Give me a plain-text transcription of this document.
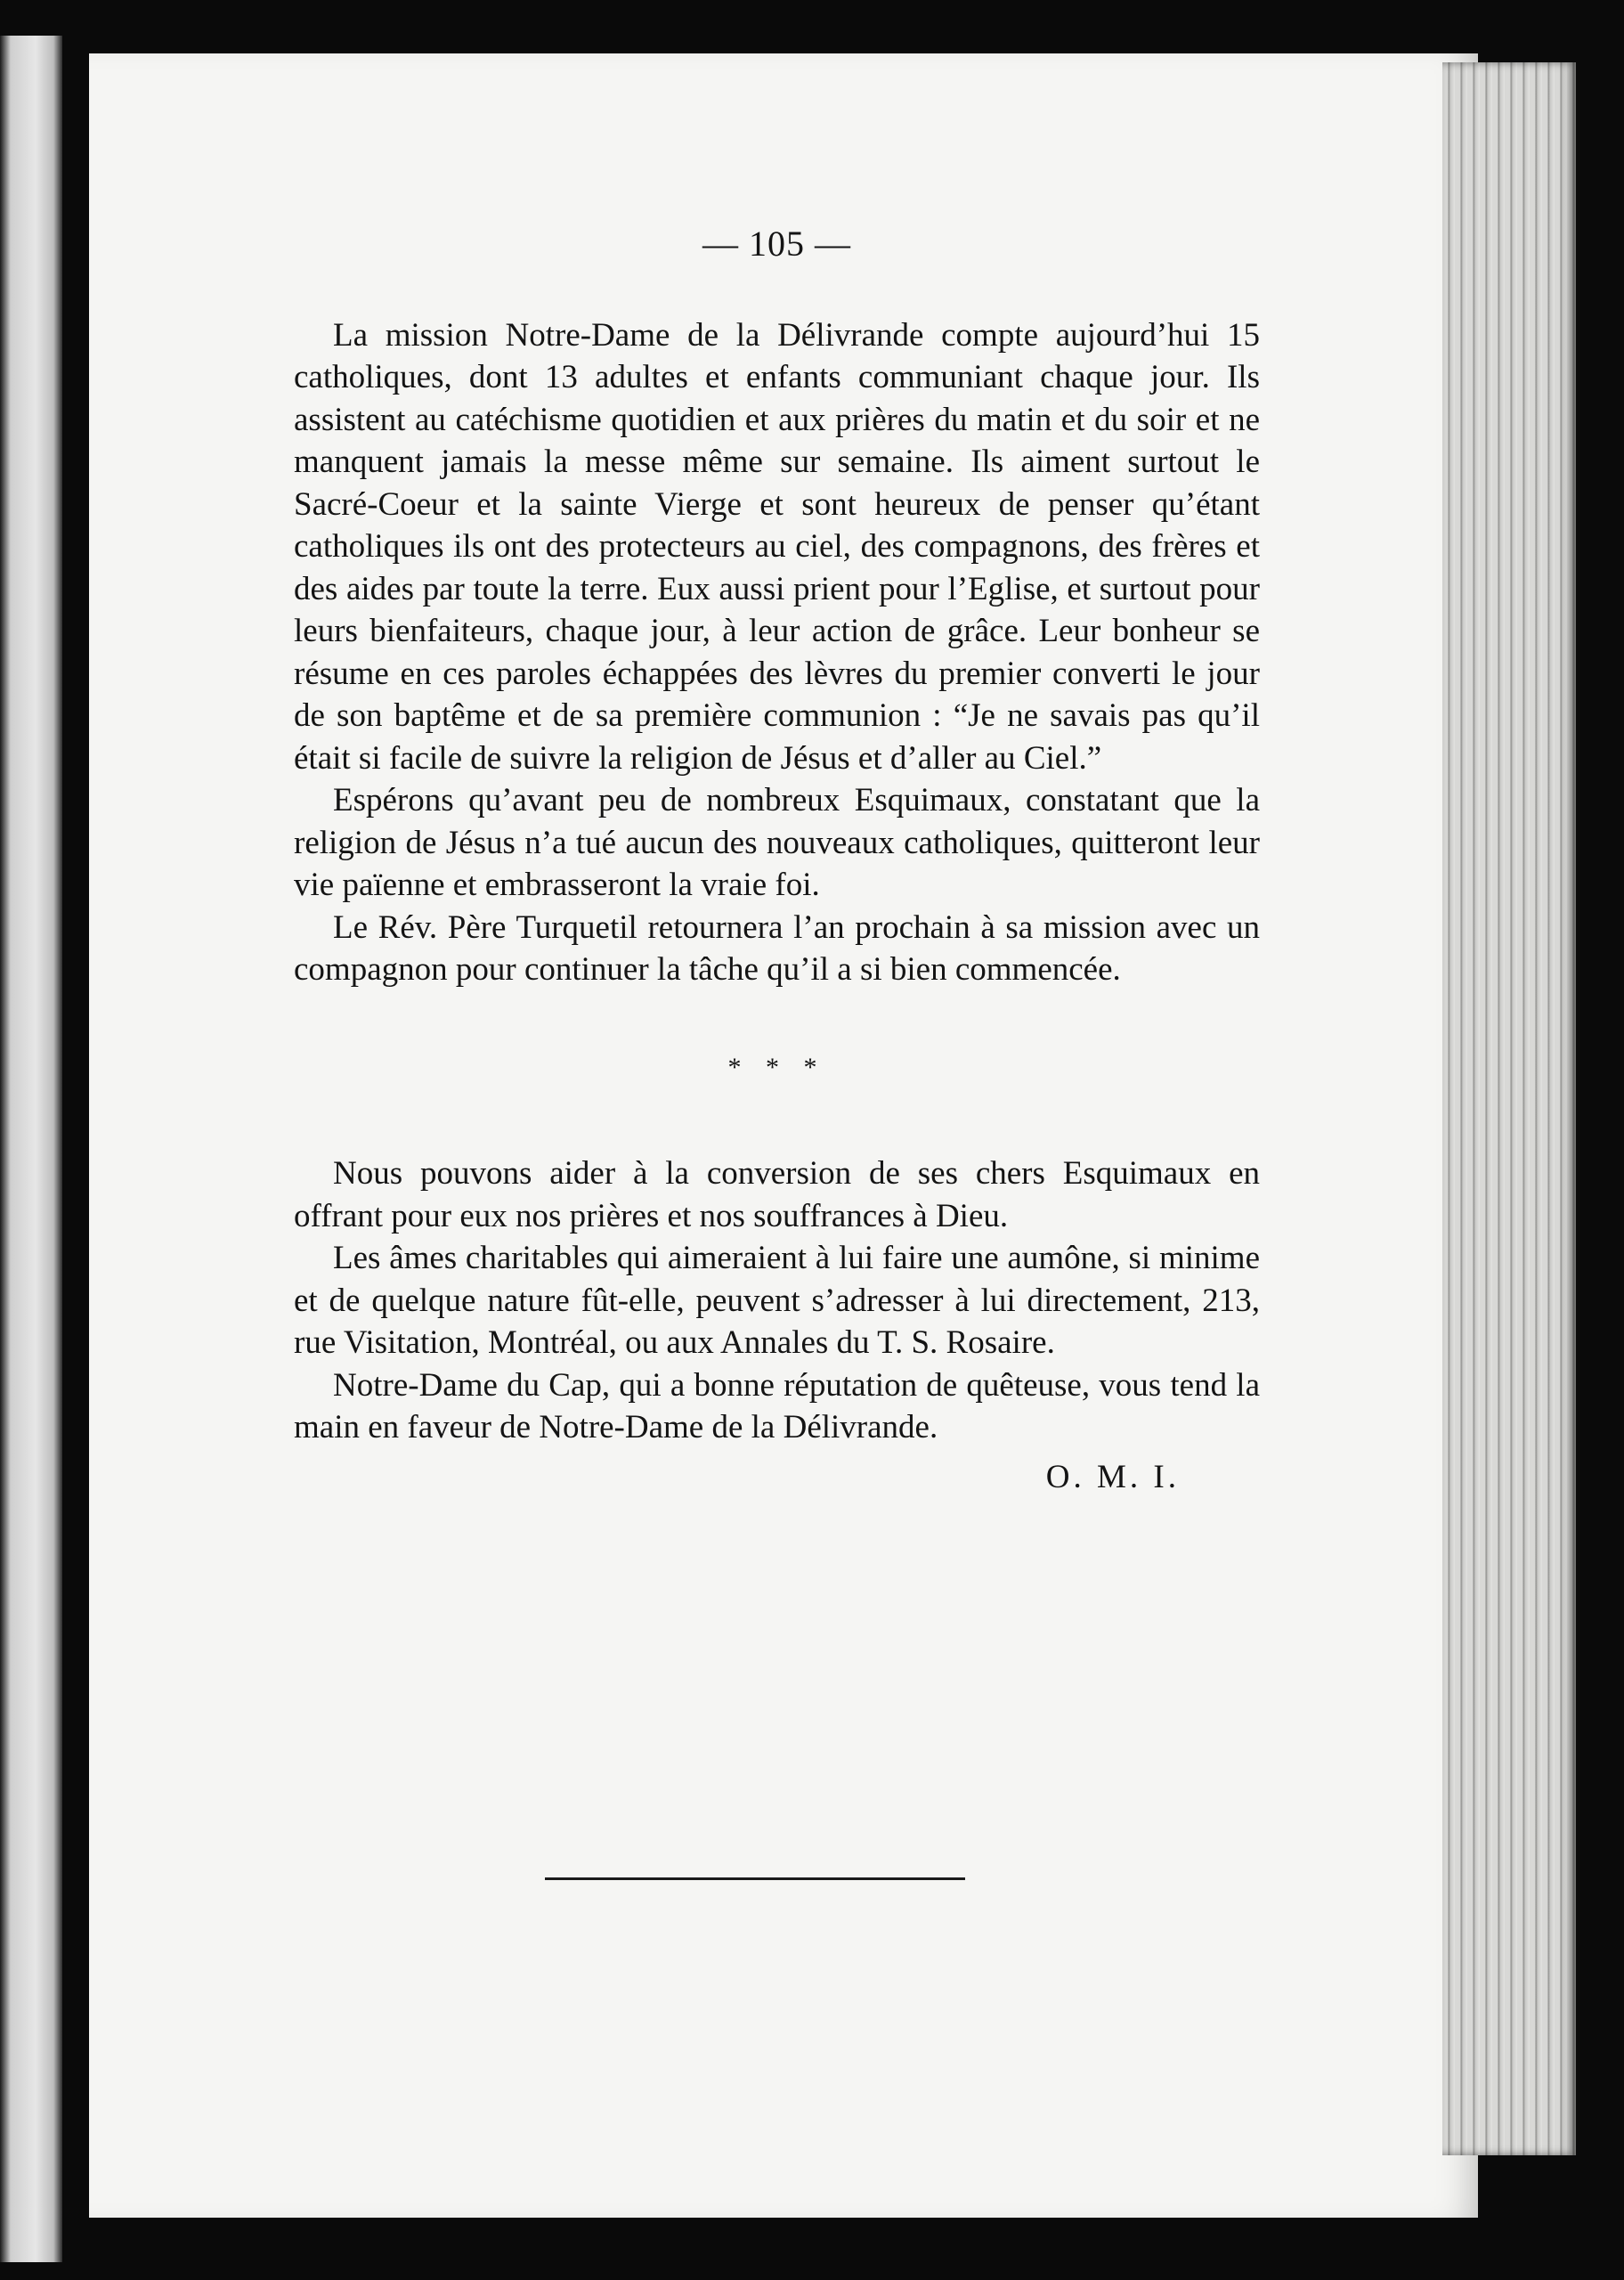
— 105 —

La mission Notre-Dame de la Délivrande compte aujourd’hui 15 catholiques, dont 13 adultes et enfants communiant chaque jour. Ils assistent au catéchisme quotidien et aux prières du matin et du soir et ne manquent jamais la messe même sur semaine. Ils aiment surtout le Sacré-Coeur et la sainte Vierge et sont heureux de penser qu’étant catholiques ils ont des protecteurs au ciel, des compagnons, des frères et des aides par toute la terre. Eux aussi prient pour l’Eglise, et surtout pour leurs bienfaiteurs, chaque jour, à leur action de grâce. Leur bonheur se résume en ces paroles échappées des lèvres du premier converti le jour de son baptême et de sa première communion : “Je ne savais pas qu’il était si facile de suivre la religion de Jésus et d’aller au Ciel.”

Espérons qu’avant peu de nombreux Esquimaux, constatant que la religion de Jésus n’a tué aucun des nouveaux catholiques, quitteront leur vie païenne et embrasseront la vraie foi.

Le Rév. Père Turquetil retournera l’an prochain à sa mission avec un compagnon pour continuer la tâche qu’il a si bien commencée.

* * *

Nous pouvons aider à la conversion de ses chers Esquimaux en offrant pour eux nos prières et nos souffrances à Dieu.

Les âmes charitables qui aimeraient à lui faire une aumône, si minime et de quelque nature fût-elle, peuvent s’adresser à lui directement, 213, rue Visitation, Montréal, ou aux Annales du T. S. Rosaire.

Notre-Dame du Cap, qui a bonne réputation de quêteuse, vous tend la main en faveur de Notre-Dame de la Délivrande.

O. M. I.
